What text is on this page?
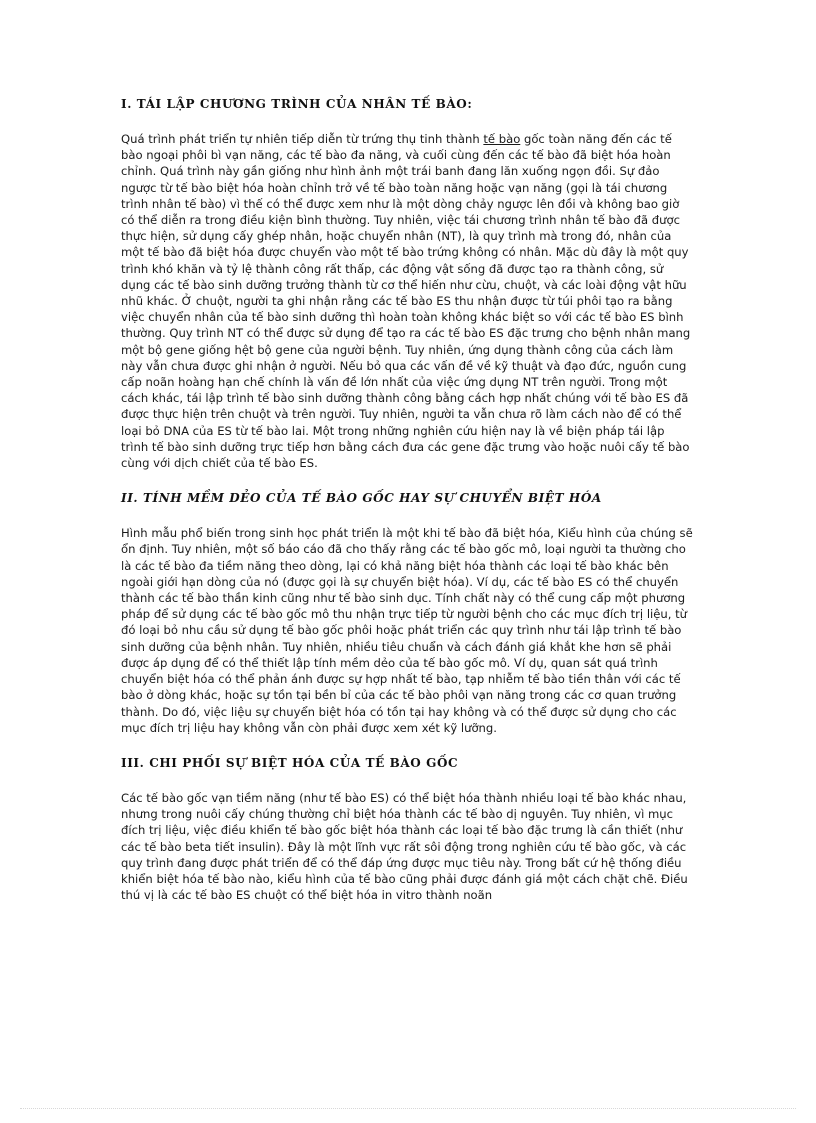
I. TÁI LẬP CHƯƠNG TRÌNH CỦA NHÂN TẾ BÀO:

Quá trình phát triển tự nhiên tiếp diễn từ trứng thụ tinh thành tế bào gốc toàn năng đến các tế bào ngoại phôi bì vạn năng, các tế bào đa năng, và cuối cùng đến các tế bào đã biệt hóa hoàn chỉnh. Quá trình này gần giống như hình ảnh một trái banh đang lăn xuống ngọn đồi. Sự đảo ngược từ tế bào biệt hóa hoàn chỉnh trở về tế bào toàn năng hoặc vạn năng (gọi là tái chương trình nhân tế bào) vì thế có thể được xem như là một dòng chảy ngược lên đồi và không bao giờ có thể diễn ra trong điều kiện bình thường. Tuy nhiên, việc tái chương trình nhân tế bào đã được thực hiện, sử dụng cấy ghép nhân, hoặc chuyển nhân (NT), là quy trình mà trong đó, nhân của một tế bào đã biệt hóa được chuyển vào một tế bào trứng không có nhân. Mặc dù đây là một quy trình khó khăn và tỷ lệ thành công rất thấp, các động vật sống đã được tạo ra thành công, sử dụng các tế bào sinh dưỡng trưởng thành từ cơ thể hiến như cừu, chuột, và các loài động vật hữu nhũ khác. Ở chuột, người ta ghi nhận rằng các tế bào ES thu nhận được từ túi phôi tạo ra bằng việc chuyển nhân của tế bào sinh dưỡng thì hoàn toàn không khác biệt so với các tế bào ES bình thường. Quy trình NT có thể được sử dụng để tạo ra các tế bào ES đặc trưng cho bệnh nhân mang một bộ gene giống hệt bộ gene của người bệnh. Tuy nhiên, ứng dụng thành công của cách làm này vẫn chưa được ghi nhận ở người. Nếu bỏ qua các vấn đề về kỹ thuật và đạo đức, nguồn cung cấp noãn hoàng hạn chế chính là vấn đề lớn nhất của việc ứng dụng NT trên người. Trong một cách khác, tái lập trình tế bào sinh dưỡng thành công bằng cách hợp nhất chúng với tế bào ES đã được thực hiện trên chuột và trên người. Tuy nhiên, người ta vẫn chưa rõ làm cách nào để có thể loại bỏ DNA của ES từ tế bào lai. Một trong những nghiên cứu hiện nay là về biện pháp tái lập trình tế bào sinh dưỡng trực tiếp hơn bằng cách đưa các gene đặc trưng vào hoặc nuôi cấy tế bào cùng với dịch chiết của tế bào ES.

II. TÍNH MỀM DẺO CỦA TẾ BÀO GỐC HAY SỰ CHUYỂN BIỆT HÓA

Hình mẫu phổ biến trong sinh học phát triển là một khi tế bào đã biệt hóa, Kiểu hình của chúng sẽ ổn định. Tuy nhiên, một số báo cáo đã cho thấy rằng các tế bào gốc mô, loại người ta thường cho là các tế bào đa tiềm năng theo dòng, lại có khả năng biệt hóa thành các loại tế bào khác bên ngoài giới hạn dòng của nó (được gọi là sự chuyển biệt hóa). Ví dụ, các tế bào ES có thể chuyển thành các tế bào thần kinh cũng như tế bào sinh dục. Tính chất này có thể cung cấp một phương pháp để sử dụng các tế bào gốc mô thu nhận trực tiếp từ người bệnh cho các mục đích trị liệu, từ đó loại bỏ nhu cầu sử dụng tế bào gốc phôi hoặc phát triển các quy trình như tái lập trình tế bào sinh dưỡng của bệnh nhân. Tuy nhiên, nhiều tiêu chuẩn và cách đánh giá khắt khe hơn sẽ phải được áp dụng để có thể thiết lập tính mềm dẻo của tế bào gốc mô. Ví dụ, quan sát quá trình chuyển biệt hóa có thể phản ánh được sự hợp nhất tế bào, tạp nhiễm tế bào tiền thân với các tế bào ở dòng khác, hoặc sự tồn tại bền bỉ của các tế bào phôi vạn năng trong các cơ quan trưởng thành. Do đó, việc liệu sự chuyển biệt hóa có tồn tại hay không và có thể được sử dụng cho các mục đích trị liệu hay không vẫn còn phải được xem xét kỹ lưỡng.

III. CHI PHỐI SỰ BIỆT HÓA CỦA TẾ BÀO GỐC

Các tế bào gốc vạn tiềm năng (như tế bào ES) có thể biệt hóa thành nhiều loại tế bào khác nhau, nhưng trong nuôi cấy chúng thường chỉ biệt hóa thành các tế bào dị nguyên. Tuy nhiên, vì mục đích trị liệu, việc điều khiển tế bào gốc biệt hóa thành các loại tế bào đặc trưng là cần thiết (như các tế bào beta tiết insulin). Đây là một lĩnh vực rất sôi động trong nghiên cứu tế bào gốc, và các quy trình đang được phát triển để có thể đáp ứng được mục tiêu này. Trong bất cứ hệ thống điều khiển biệt hóa tế bào nào, kiểu hình của tế bào cũng phải được đánh giá một cách chặt chẽ. Điều thú vị là các tế bào ES chuột có thể biệt hóa in vitro thành noãn
